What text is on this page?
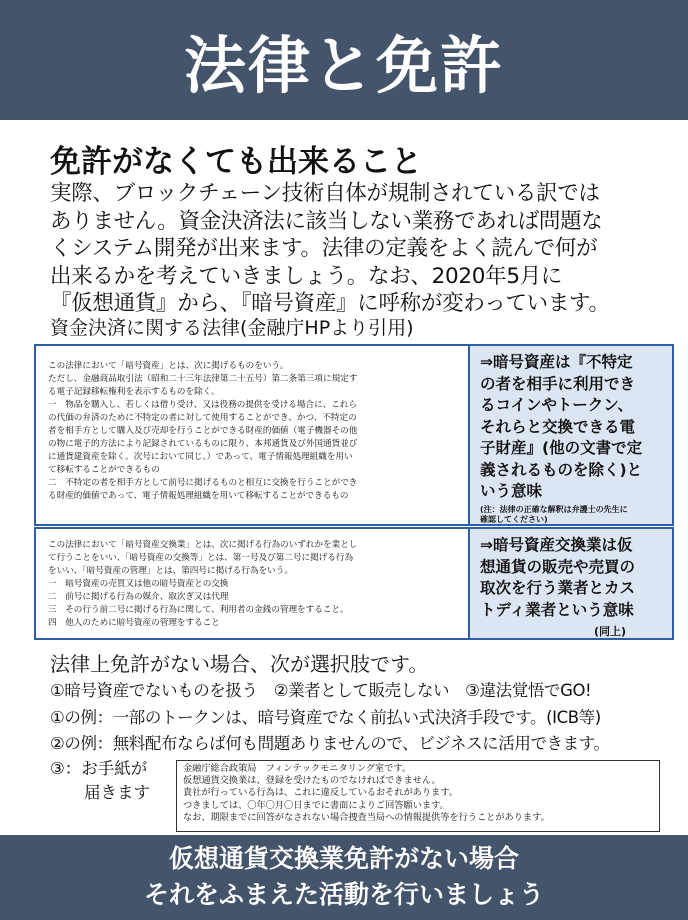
法律と免許
免許がなくても出来ること
実際、ブロックチェーン技術自体が規制されている訳では
ありません。資金決済法に該当しない業務であれば問題な
くシステム開発が出来ます。法律の定義をよく読んで何が
出来るかを考えていきましょう。なお、2020年5月に
『仮想通貨』から、『暗号資産』に呼称が変わっています。
資金決済に関する法律(金融庁HPより引用)
この法律において「暗号資産」とは、次に掲げるものをいう。
ただし、金融商品取引法（昭和二十三年法律第二十五号）第二条第三項に規定す
る電子記録移転権利を表示するものを除く。
一　物品を購入し、若しくは借り受け、又は役務の提供を受ける場合に、これら
の代価の弁済のために不特定の者に対して使用することができ、かつ、不特定の
者を相手方として購入及び売却を行うことができる財産的価値（電子機器その他
の物に電子的方法により記録されているものに限り、本邦通貨及び外国通貨並び
に通貨建資産を除く。次号において同じ。）であって、電子情報処理組織を用い
て移転することができるもの
二　不特定の者を相手方として前号に掲げるものと相互に交換を行うことができ
る財産的価値であって、電子情報処理組織を用いて移転することができるもの
⇒暗号資産は『不特定
の者を相手に利用でき
るコインやトークン、
それらと交換できる電
子財産』(他の文書で定
義されるものを除く)と
いう意味
(注：法律の正確な解釈は弁護士の先生に
確認してください)
この法律において「暗号資産交換業」とは、次に掲げる行為のいずれかを業とし
て行うことをいい、「暗号資産の交換等」とは、第一号及び第二号に掲げる行為
をいい、「暗号資産の管理」とは、第四号に掲げる行為をいう。
一　暗号資産の売買又は他の暗号資産との交換
二　前号に掲げる行為の媒介、取次ぎ又は代理
三　その行う前二号に掲げる行為に関して、利用者の金銭の管理をすること。
四　他人のために暗号資産の管理をすること
⇒暗号資産交換業は仮
想通貨の販売や売買の
取次を行う業者とカス
トディ業者という意味
(同上)
法律上免許がない場合、次が選択肢です。
①暗号資産でないものを扱う　②業者として販売しない　③違法覚悟でGO!
①の例：一部のトークンは、暗号資産でなく前払い式決済手段です。(ICB等)
②の例：無料配布ならば何も問題ありませんので、ビジネスに活用できます。
③：お手紙が
届きます
金融庁総合政策局　フィンテックモニタリング室です。
仮想通貨交換業は、登録を受けたものでなければできません。
貴社が行っている行為は、これに違反しているおそれがあります。
つきましては、〇年〇月〇日までに書面によりご回答願います。
なお、期限までに回答がなされない場合捜査当局への情報提供等を行うことがあります。
仮想通貨交換業免許がない場合
それをふまえた活動を行いましょう
